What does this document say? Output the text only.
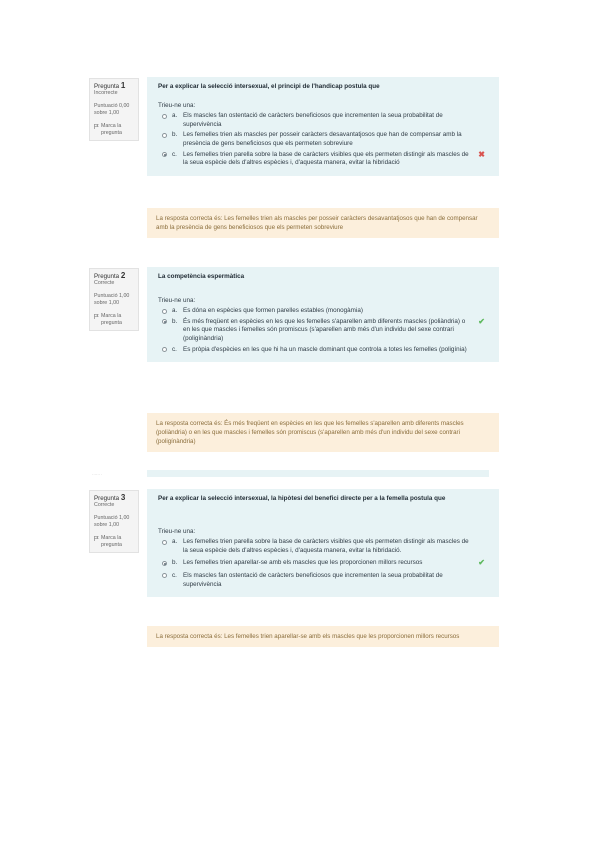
Pregunta 1
Incorrecte
Puntuació 0,00 sobre 1,00
Marca la pregunta
Per a explicar la selecció intersexual, el principi de l'handicap postula que
Trieu-ne una:
a. Els mascles fan ostentació de caràcters beneficiosos que incrementen la seua probabilitat de supervivència
b. Les femelles trien als mascles per posseir caràcters desavantatjosos que han de compensar amb la presència de gens beneficiosos que els permeten sobreviure
c. Les femelles trien parella sobre la base de caràcters visibles que els permeten distingir als mascles de la seua espècie dels d'altres espècies i, d'aquesta manera, evitar la hibridació
✖
La resposta correcta és: Les femelles trien als mascles per posseir caràcters desavantatjosos que han de compensar amb la presència de gens beneficiosos que els permeten sobreviure
Pregunta 2
Correcte
Puntuació 1,00 sobre 1,00
Marca la pregunta
La competència espermàtica
Trieu-ne una:
a. Es dóna en espècies que formen parelles estables (monogàmia)
b. És més freqüent en espècies en les que les femelles s'aparellen amb diferents mascles (poliàndria) o en les que mascles i femelles són promiscus (s'aparellen amb més d'un individu del sexe contrari (poligínàndria)
✔
c. Es pròpia d'espècies en les que hi ha un mascle dominant que controla a totes les femelles (poligínia)
La resposta correcta és: És més freqüent en espècies en les que les femelles s'aparellen amb diferents mascles (poliàndria) o en les que mascles i femelles són promiscus (s'aparellen amb més d'un individu del sexe contrari (poligínàndria)
······ ·
Pregunta 3
Correcte
Puntuació 1,00 sobre 1,00
Marca la pregunta
Per a explicar la selecció intersexual, la hipòtesi del benefici directe per a la femella postula que
Trieu-ne una:
a. Les femelles trien parella sobre la base de caràcters visibles que els permeten distingir als mascles de la seua espècie dels d'altres espècies i, d'aquesta manera, evitar la hibridació.
b. Les femelles trien aparellar-se amb els mascles que les proporcionen millors recursos	✔
c. Els mascles fan ostentació de caràcters beneficiosos que incrementen la seua probabilitat de supervivència
La resposta correcta és: Les femelles trien aparellar-se amb els mascles que les proporcionen millors recursos
